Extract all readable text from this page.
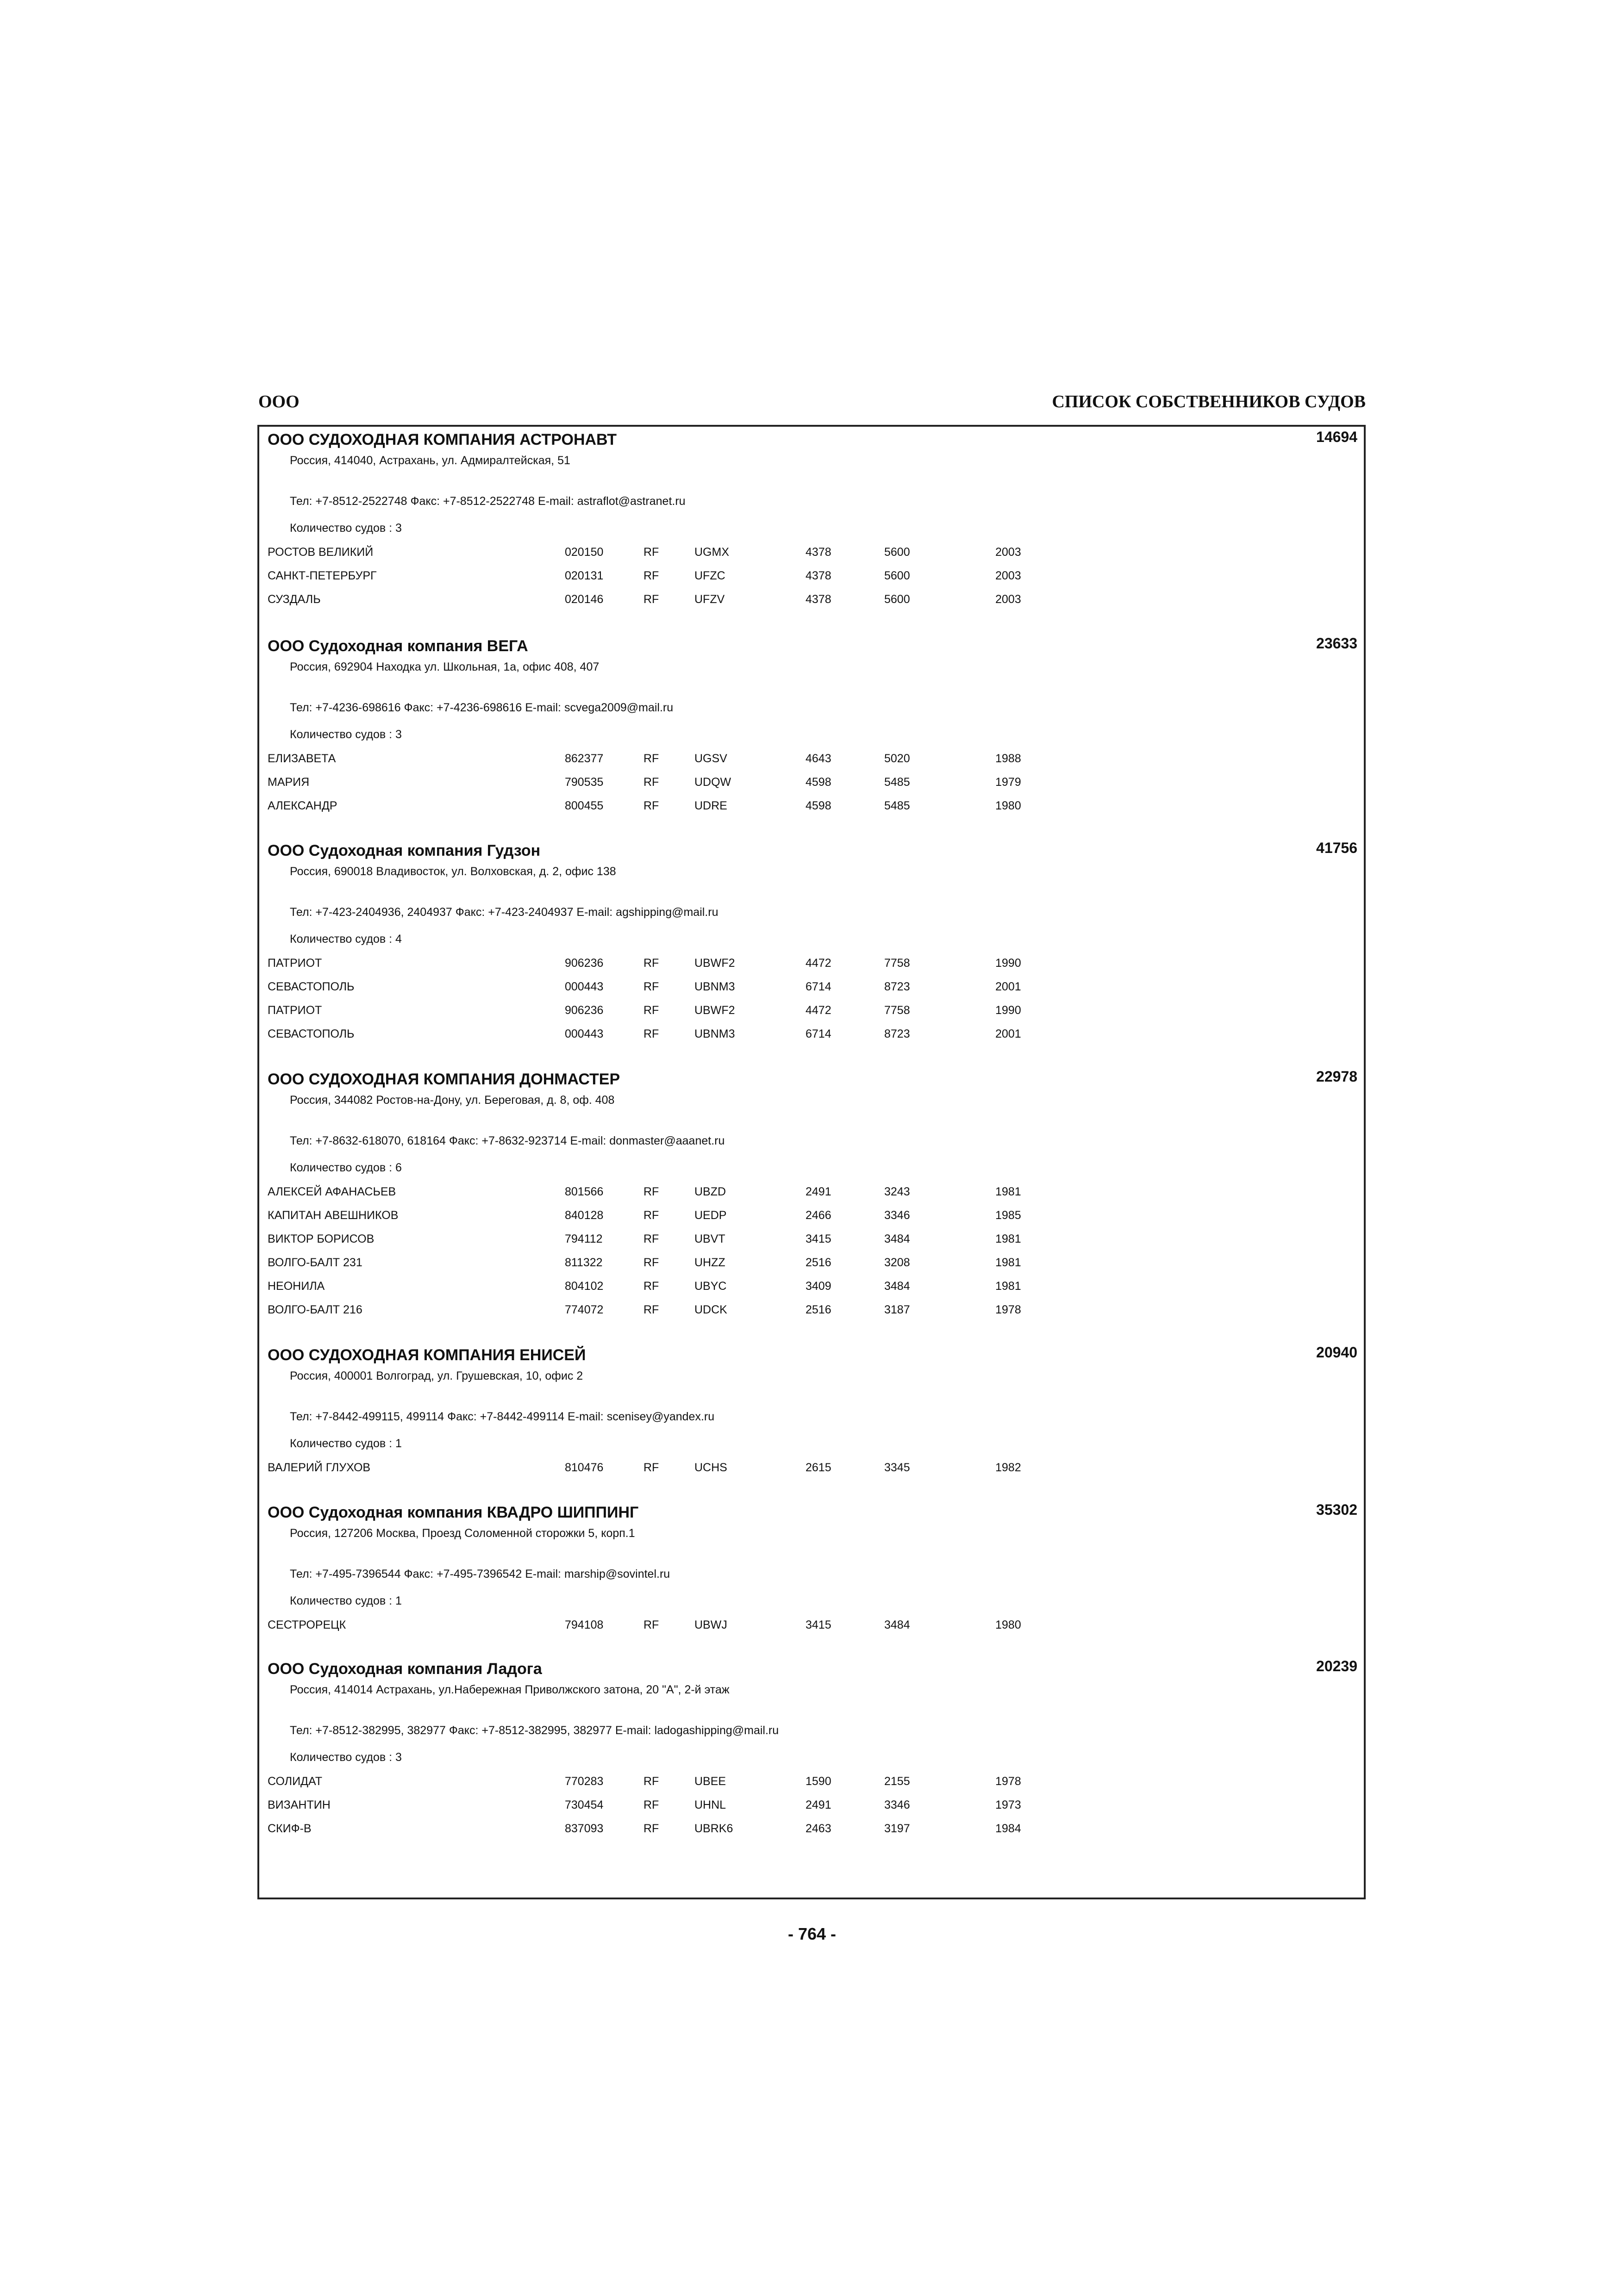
ООО	СПИСОК СОБСТВЕННИКОВ СУДОВ
ООО СУДОХОДНАЯ КОМПАНИЯ АСТРОНАВТ	14694
Россия, 414040, Астрахань, ул. Адмиралтейская, 51
Тел: +7-8512-2522748 Факс: +7-8512-2522748 E-mail: astraflot@astranet.ru
Количество судов : 3
РОСТОВ ВЕЛИКИЙ	020150	RF	UGMX	4378	5600	2003
САНКТ-ПЕТЕРБУРГ	020131	RF	UFZC	4378	5600	2003
СУЗДАЛЬ	020146	RF	UFZV	4378	5600	2003
ООО Судоходная компания ВЕГА	23633
Россия, 692904 Находка ул. Школьная, 1а, офис 408, 407
Тел: +7-4236-698616 Факс: +7-4236-698616 E-mail: scvega2009@mail.ru
Количество судов : 3
ЕЛИЗАВЕТА	862377	RF	UGSV	4643	5020	1988
МАРИЯ	790535	RF	UDQW	4598	5485	1979
АЛЕКСАНДР	800455	RF	UDRE	4598	5485	1980
ООО Судоходная компания Гудзон	41756
Россия, 690018 Владивосток, ул. Волховская, д. 2, офис 138
Тел: +7-423-2404936, 2404937 Факс: +7-423-2404937 E-mail: agshipping@mail.ru
Количество судов : 4
ПАТРИОТ	906236	RF	UBWF2	4472	7758	1990
СЕВАСТОПОЛЬ	000443	RF	UBNM3	6714	8723	2001
ПАТРИОТ	906236	RF	UBWF2	4472	7758	1990
СЕВАСТОПОЛЬ	000443	RF	UBNM3	6714	8723	2001
ООО СУДОХОДНАЯ КОМПАНИЯ ДОНМАСТЕР	22978
Россия, 344082 Ростов-на-Дону, ул. Береговая, д. 8, оф. 408
Тел: +7-8632-618070, 618164 Факс: +7-8632-923714 E-mail: donmaster@aaanet.ru
Количество судов : 6
АЛЕКСЕЙ АФАНАСЬЕВ	801566	RF	UBZD	2491	3243	1981
КАПИТАН АВЕШНИКОВ	840128	RF	UEDP	2466	3346	1985
ВИКТОР БОРИСОВ	794112	RF	UBVT	3415	3484	1981
ВОЛГО-БАЛТ 231	811322	RF	UHZZ	2516	3208	1981
НЕОНИЛА	804102	RF	UBYC	3409	3484	1981
ВОЛГО-БАЛТ 216	774072	RF	UDCK	2516	3187	1978
ООО СУДОХОДНАЯ КОМПАНИЯ ЕНИСЕЙ	20940
Россия, 400001 Волгоград, ул. Грушевская, 10, офис 2
Тел: +7-8442-499115, 499114 Факс: +7-8442-499114 E-mail: scenisey@yandex.ru
Количество судов : 1
ВАЛЕРИЙ ГЛУХОВ	810476	RF	UCHS	2615	3345	1982
ООО Судоходная компания КВАДРО ШИППИНГ	35302
Россия, 127206 Москва, Проезд Соломенной сторожки 5, корп.1
Тел: +7-495-7396544 Факс: +7-495-7396542 E-mail: marship@sovintel.ru
Количество судов : 1
СЕСТРОРЕЦК	794108	RF	UBWJ	3415	3484	1980
ООО Судоходная компания Ладога	20239
Россия, 414014 Астрахань, ул.Набережная Приволжского затона, 20 "А", 2-й этаж
Тел: +7-8512-382995, 382977 Факс: +7-8512-382995, 382977 E-mail: ladogashipping@mail.ru
Количество судов : 3
СОЛИДАТ	770283	RF	UBEE	1590	2155	1978
ВИЗАНТИН	730454	RF	UHNL	2491	3346	1973
СКИФ-В	837093	RF	UBRK6	2463	3197	1984
- 764 -
